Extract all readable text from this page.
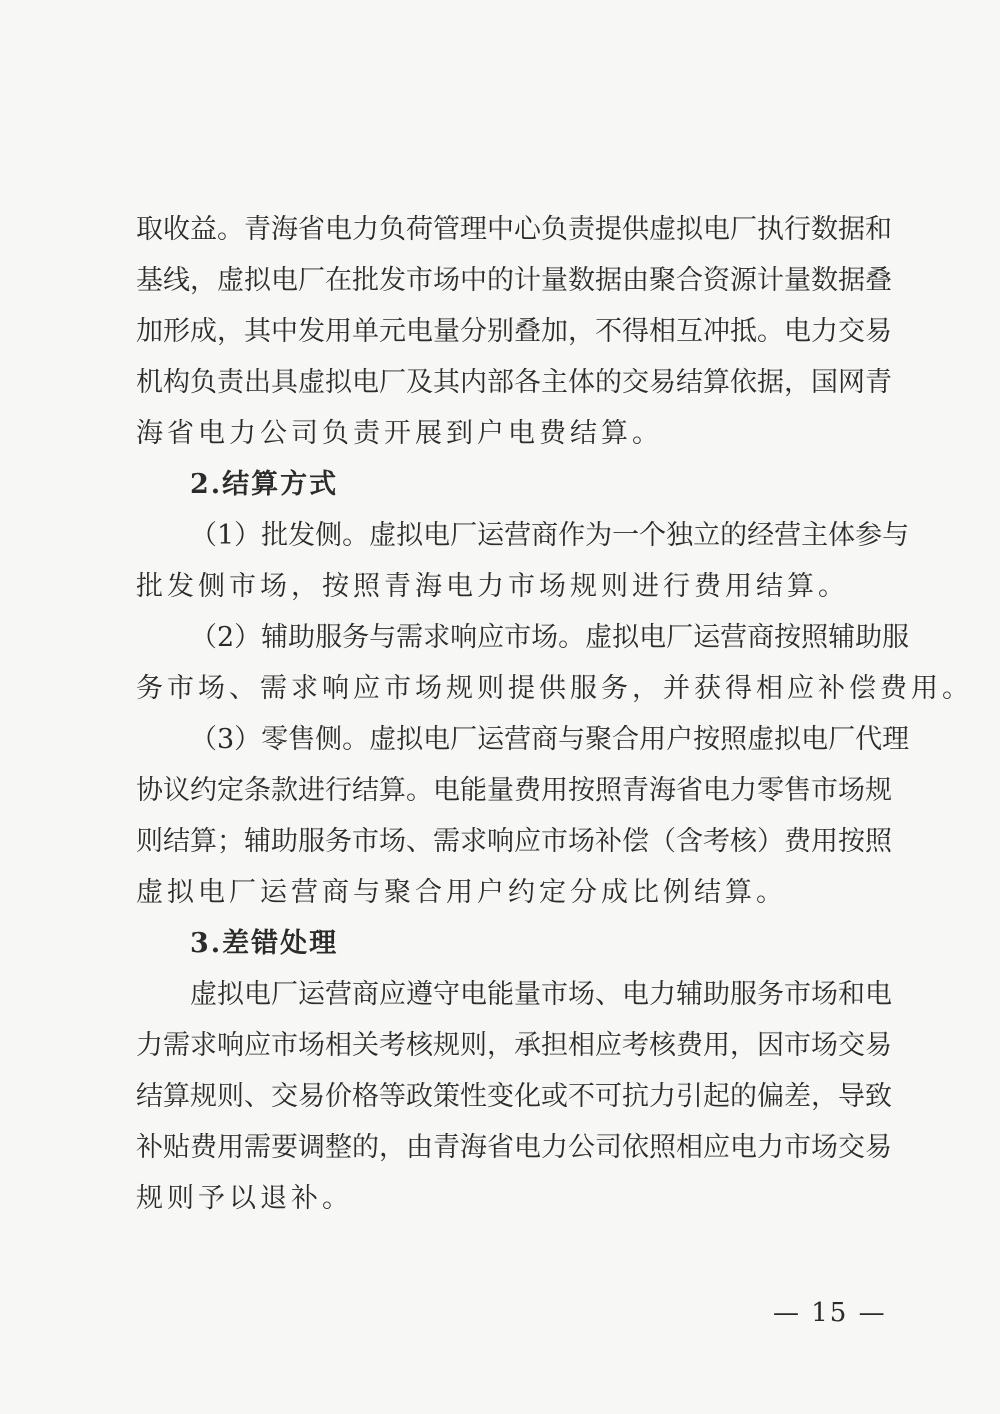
取收益。青海省电力负荷管理中心负责提供虚拟电厂执行数据和
基线，虚拟电厂在批发市场中的计量数据由聚合资源计量数据叠
加形成，其中发用单元电量分别叠加，不得相互冲抵。电力交易
机构负责出具虚拟电厂及其内部各主体的交易结算依据，国网青
海省电力公司负责开展到户电费结算。
2.结算方式
（1）批发侧。虚拟电厂运营商作为一个独立的经营主体参与
批发侧市场，按照青海电力市场规则进行费用结算。
（2）辅助服务与需求响应市场。虚拟电厂运营商按照辅助服
务市场、需求响应市场规则提供服务，并获得相应补偿费用。
（3）零售侧。虚拟电厂运营商与聚合用户按照虚拟电厂代理
协议约定条款进行结算。电能量费用按照青海省电力零售市场规
则结算；辅助服务市场、需求响应市场补偿（含考核）费用按照
虚拟电厂运营商与聚合用户约定分成比例结算。
3.差错处理
虚拟电厂运营商应遵守电能量市场、电力辅助服务市场和电
力需求响应市场相关考核规则，承担相应考核费用，因市场交易
结算规则、交易价格等政策性变化或不可抗力引起的偏差，导致
补贴费用需要调整的，由青海省电力公司依照相应电力市场交易
规则予以退补。
— 15 —
